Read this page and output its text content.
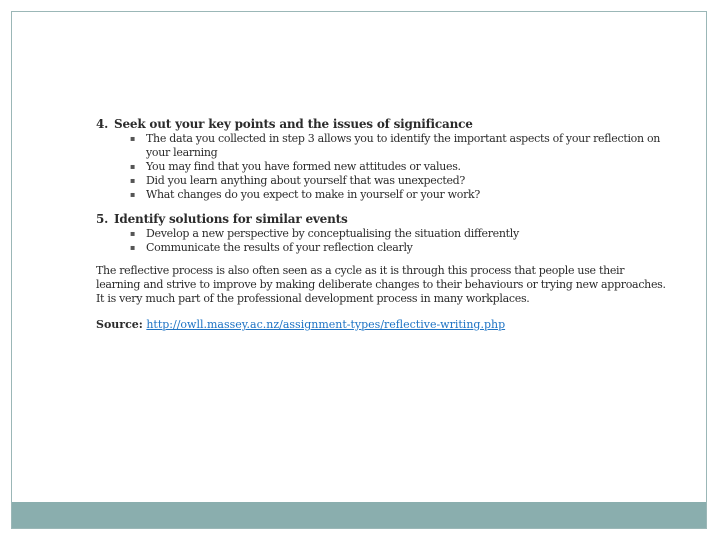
4. Seek out your key points and the issues of significance

▪ The data you collected in step 3 allows you to identify the important aspects of your reflection on your learning
▪ You may find that you have formed new attitudes or values.
▪ Did you learn anything about yourself that was unexpected?
▪ What changes do you expect to make in yourself or your work?

5. Identify solutions for similar events

▪ Develop a new perspective by conceptualising the situation differently
▪ Communicate the results of your reflection clearly

The reflective process is also often seen as a cycle as it is through this process that people use their learning and strive to improve by making deliberate changes to their behaviours or trying new approaches. It is very much part of the professional development process in many workplaces.

Source: http://owll.massey.ac.nz/assignment-types/reflective-writing.php
